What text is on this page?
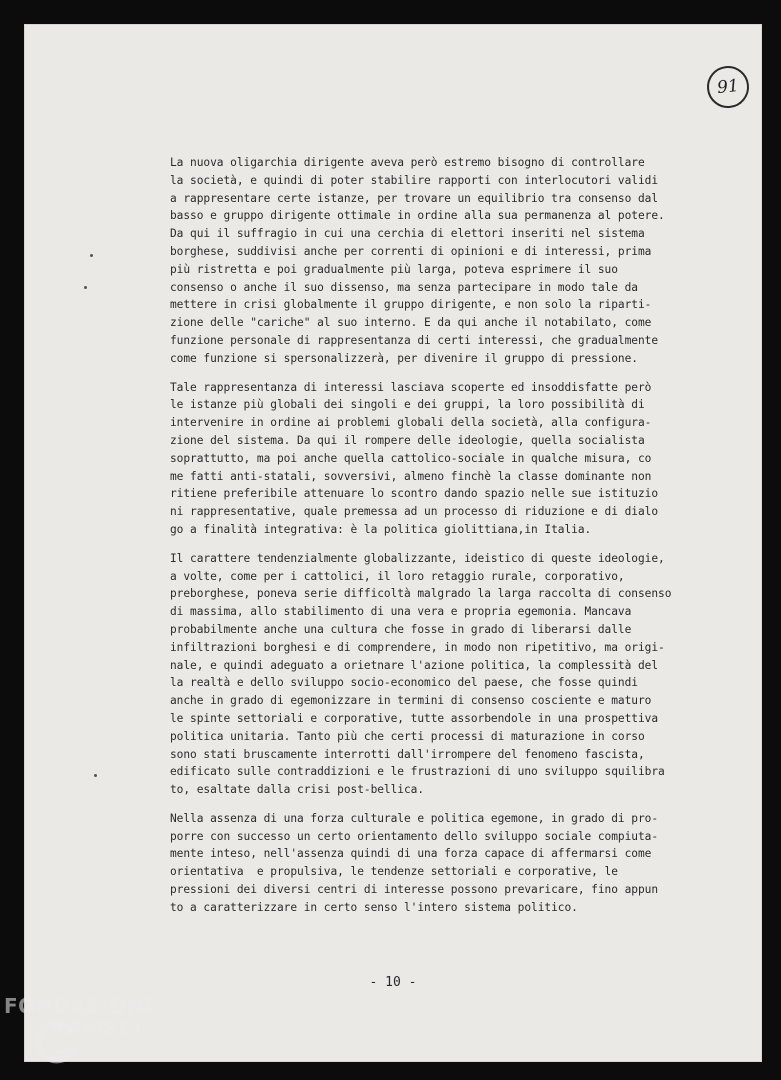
91
La nuova oligarchia dirigente aveva però estremo bisogno di controllare
la società, e quindi di poter stabilire rapporti con interlocutori validi
a rappresentare certe istanze, per trovare un equilibrio tra consenso dal
basso e gruppo dirigente ottimale in ordine alla sua permanenza al potere.
Da qui il suffragio in cui una cerchia di elettori inseriti nel sistema
borghese, suddivisi anche per correnti di opinioni e di interessi, prima
più ristretta e poi gradualmente più larga, poteva esprimere il suo
consenso o anche il suo dissenso, ma senza partecipare in modo tale da
mettere in crisi globalmente il gruppo dirigente, e non solo la riparti-
zione delle "cariche" al suo interno. E da qui anche il notabilato, come
funzione personale di rappresentanza di certi interessi, che gradualmente
come funzione si spersonalizzerà, per divenire il gruppo di pressione.
Tale rappresentanza di interessi lasciava scoperte ed insoddisfatte però
le istanze più globali dei singoli e dei gruppi, la loro possibilità di
intervenire in ordine ai problemi globali della società, alla configura-
zione del sistema. Da qui il rompere delle ideologie, quella socialista
soprattutto, ma poi anche quella cattolico-sociale in qualche misura, co
me fatti anti-statali, sovversivi, almeno finchè la classe dominante non
ritiene preferibile attenuare lo scontro dando spazio nelle sue istituzio
ni rappresentative, quale premessa ad un processo di riduzione e di dialo
go a finalità integrativa: è la politica giolittiana,in Italia.
Il carattere tendenzialmente globalizzante, ideistico di queste ideologie,
a volte, come per i cattolici, il loro retaggio rurale, corporativo,
preborghese, poneva serie difficoltà malgrado la larga raccolta di consenso
di massima, allo stabilimento di una vera e propria egemonia. Mancava
probabilmente anche una cultura che fosse in grado di liberarsi dalle
infiltrazioni borghesi e di comprendere, in modo non ripetitivo, ma origi-
nale, e quindi adeguato a orietnare l'azione politica, la complessità del
la realtà e dello sviluppo socio-economico del paese, che fosse quindi
anche in grado di egemonizzare in termini di consenso cosciente e maturo
le spinte settoriali e corporative, tutte assorbendole in una prospettiva
politica unitaria. Tanto più che certi processi di maturazione in corso
sono stati bruscamente interrotti dall'irrompere del fenomeno fascista,
edificato sulle contraddizioni e le frustrazioni di uno sviluppo squilibra
to, esaltate dalla crisi post-bellica.
Nella assenza di una forza culturale e politica egemone, in grado di pro-
porre con successo un certo orientamento dello sviluppo sociale compiuta-
mente inteso, nell'assenza quindi di una forza capace di affermarsi come
orientativa  e propulsiva, le tendenze settoriali e corporative, le
pressioni dei diversi centri di interesse possono prevaricare, fino appun
to a caratterizzare in certo senso l'intero sistema politico.
- 10 -
FONDAZIONE
RAMSCI
onlus
